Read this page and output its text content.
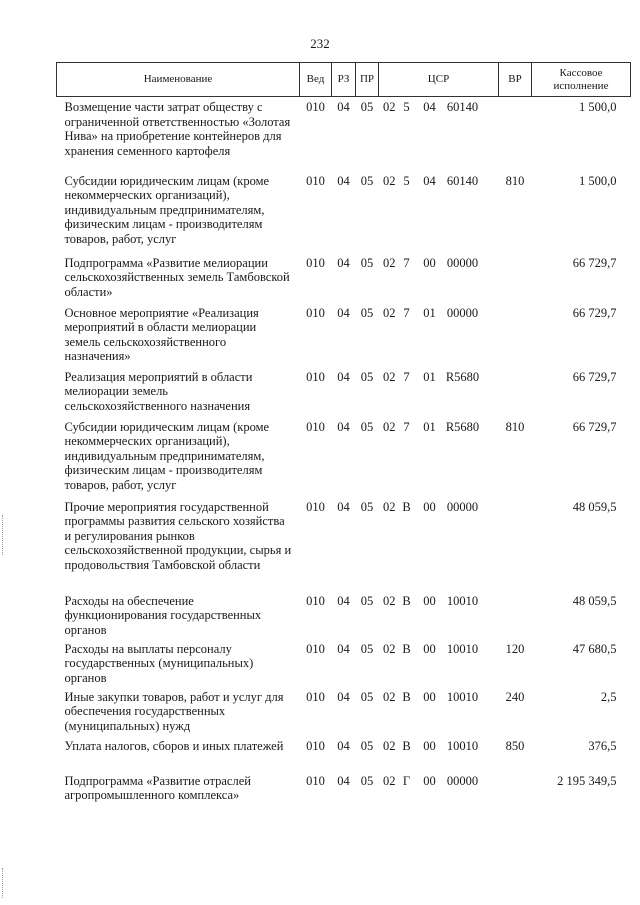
232
Наименование	Вед	РЗ	ПР	ЦСР	ВР	Кассовое исполнение
Возмещение части затрат обществу с ограниченной ответственностью «Золотая Нива» на приобретение контейнеров для хранения семенного картофеля	010	04	05	02 5 04 60140		1 500,0
Субсидии юридическим лицам (кроме некоммерческих организаций), индивидуальным предпринимателям, физическим лицам - производителям товаров, работ, услуг	010	04	05	02 5 04 60140	810	1 500,0
Подпрограмма «Развитие мелиорации сельскохозяйственных земель Тамбовской области»	010	04	05	02 7 00 00000		66 729,7
Основное мероприятие «Реализация мероприятий в области мелиорации земель сельскохозяйственного назначения»	010	04	05	02 7 01 00000		66 729,7
Реализация мероприятий в области мелиорации земель сельскохозяйственного назначения	010	04	05	02 7 01 R5680		66 729,7
Субсидии юридическим лицам (кроме некоммерческих организаций), индивидуальным предпринимателям, физическим лицам - производителям товаров, работ, услуг	010	04	05	02 7 01 R5680	810	66 729,7
Прочие мероприятия государственной программы развития сельского хозяйства и регулирования рынков сельскохозяйственной продукции, сырья и продовольствия Тамбовской области	010	04	05	02 В 00 00000		48 059,5
Расходы на обеспечение функционирования государственных органов	010	04	05	02 В 00 10010		48 059,5
Расходы на выплаты персоналу государственных (муниципальных) органов	010	04	05	02 В 00 10010	120	47 680,5
Иные закупки товаров, работ и услуг для обеспечения государственных (муниципальных) нужд	010	04	05	02 В 00 10010	240	2,5
Уплата налогов, сборов и иных платежей	010	04	05	02 В 00 10010	850	376,5
Подпрограмма «Развитие отраслей агропромышленного комплекса»	010	04	05	02 Г 00 00000		2 195 349,5
